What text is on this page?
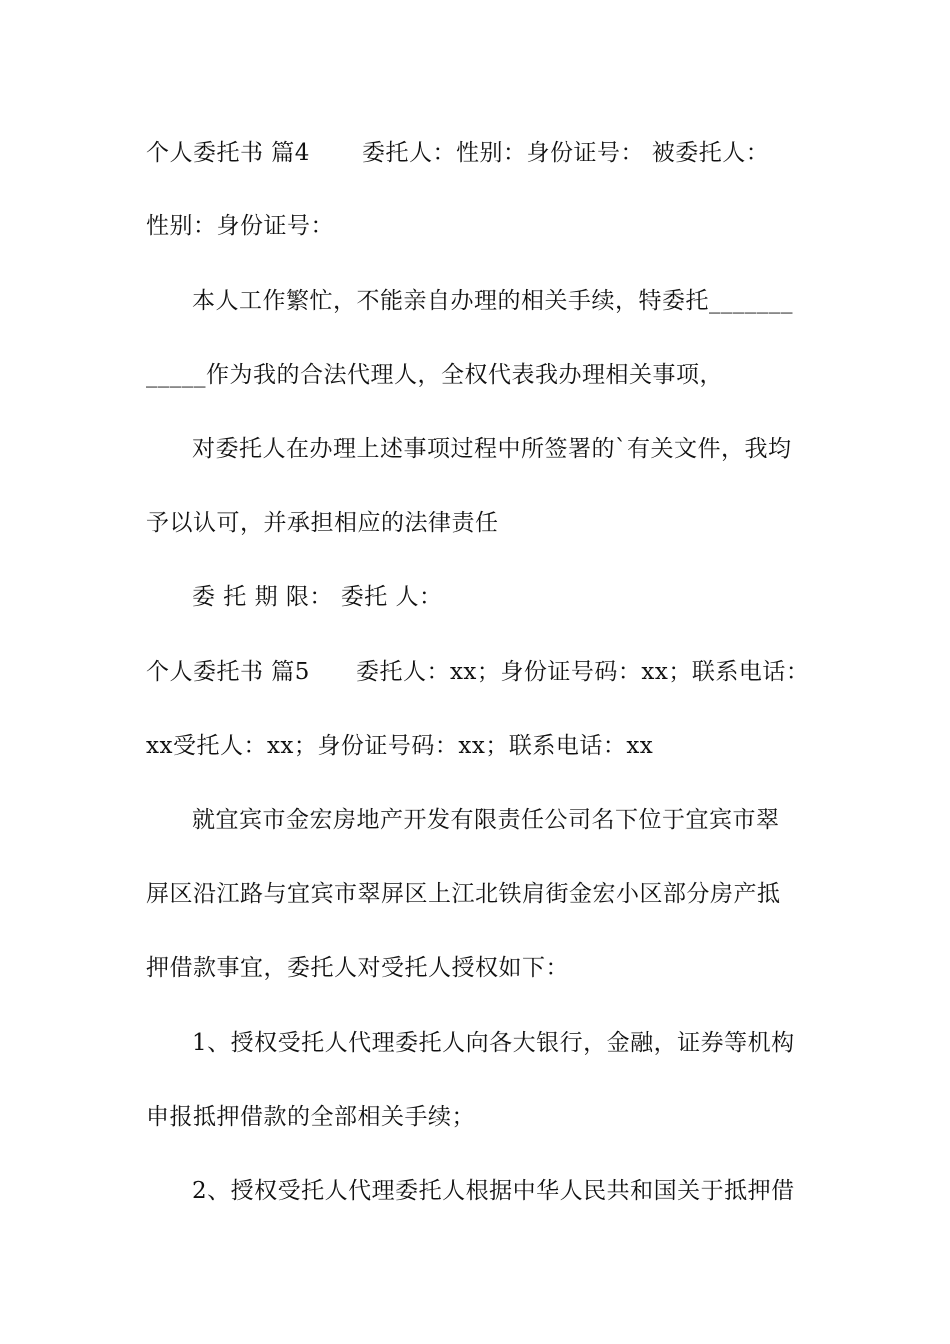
个人委托书 篇4 委托人：性别：身份证号： 被委托人：
性别：身份证号：
本人工作繁忙，不能亲自办理的相关手续，特委托_______
_____作为我的合法代理人，全权代表我办理相关事项，
对委托人在办理上述事项过程中所签署的`有关文件，我均
予以认可，并承担相应的法律责任
委 托 期 限： 委托 人：
个人委托书 篇5 委托人：xx；身份证号码：xx；联系电话：
xx受托人：xx；身份证号码：xx；联系电话：xx
就宜宾市金宏房地产开发有限责任公司名下位于宜宾市翠
屏区沿江路与宜宾市翠屏区上江北铁肩街金宏小区部分房产抵
押借款事宜，委托人对受托人授权如下：
1、授权受托人代理委托人向各大银行，金融，证券等机构
申报抵押借款的全部相关手续；
2、授权受托人代理委托人根据中华人民共和国关于抵押借
